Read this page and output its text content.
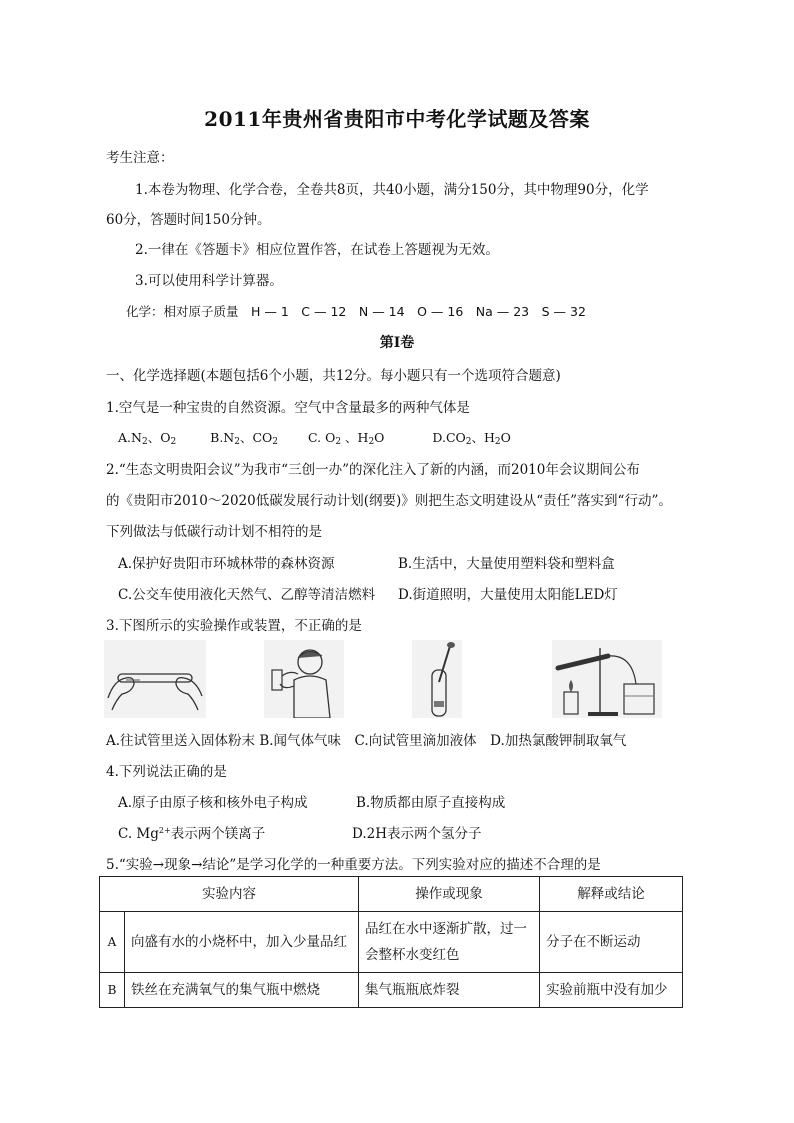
2011年贵州省贵阳市中考化学试题及答案
考生注意：
1.本卷为物理、化学合卷，全卷共8页，共40小题，满分150分，其中物理90分，化学
60分，答题时间150分钟。
2.一律在《答题卡》相应位置作答，在试卷上答题视为无效。
3.可以使用科学计算器。
化学：相对原子质量　H — 1　C — 12　N — 14　O — 16　Na — 23　S — 32
第Ⅰ卷
一、化学选择题(本题包括6个小题，共12分。每小题只有一个选项符合题意)
1.空气是一种宝贵的自然资源。空气中含量最多的两种气体是
$A.N_2$、$O_2$	$B.N_2$、$CO_2$ C. $O_2$ 、$H_2O$	$D.CO_2$、$H_2O$
2.“生态文明贵阳会议”为我市“三创一办”的深化注入了新的内涵，而2010年会议期间公布
的《贵阳市2010～2020低碳发展行动计划(纲要)》则把生态文明建设从“责任”落实到“行动”。
下列做法与低碳行动计划不相符的是
A.保护好贵阳市环城林带的森林资源	B.生活中，大量使用塑料袋和塑料盒
C.公交车使用液化天然气、乙醇等清洁燃料 D.街道照明，大量使用太阳能LED灯
3.下图所示的实验操作或装置，不正确的是
A.往试管里送入固体粉末 B.闻气体气味　C.向试管里滴加液体　D.加热氯酸钾制取氧气
4.下列说法正确的是
A.原子由原子核和核外电子构成	B.物质都由原子直接构成
C. $Mg^{2+}$表示两个镁离子	D.2H表示两个氢分子
5.“实验→现象→结论”是学习化学的一种重要方法。下列实验对应的描述不合理的是
实验内容		操作或现象	解释或结论
A	向盛有水的小烧杯中，加入少量品红	品红在水中逐渐扩散，过一会整杯水变红色	分子在不断运动
B	铁丝在充满氧气的集气瓶中燃烧	集气瓶瓶底炸裂	实验前瓶中没有加少
